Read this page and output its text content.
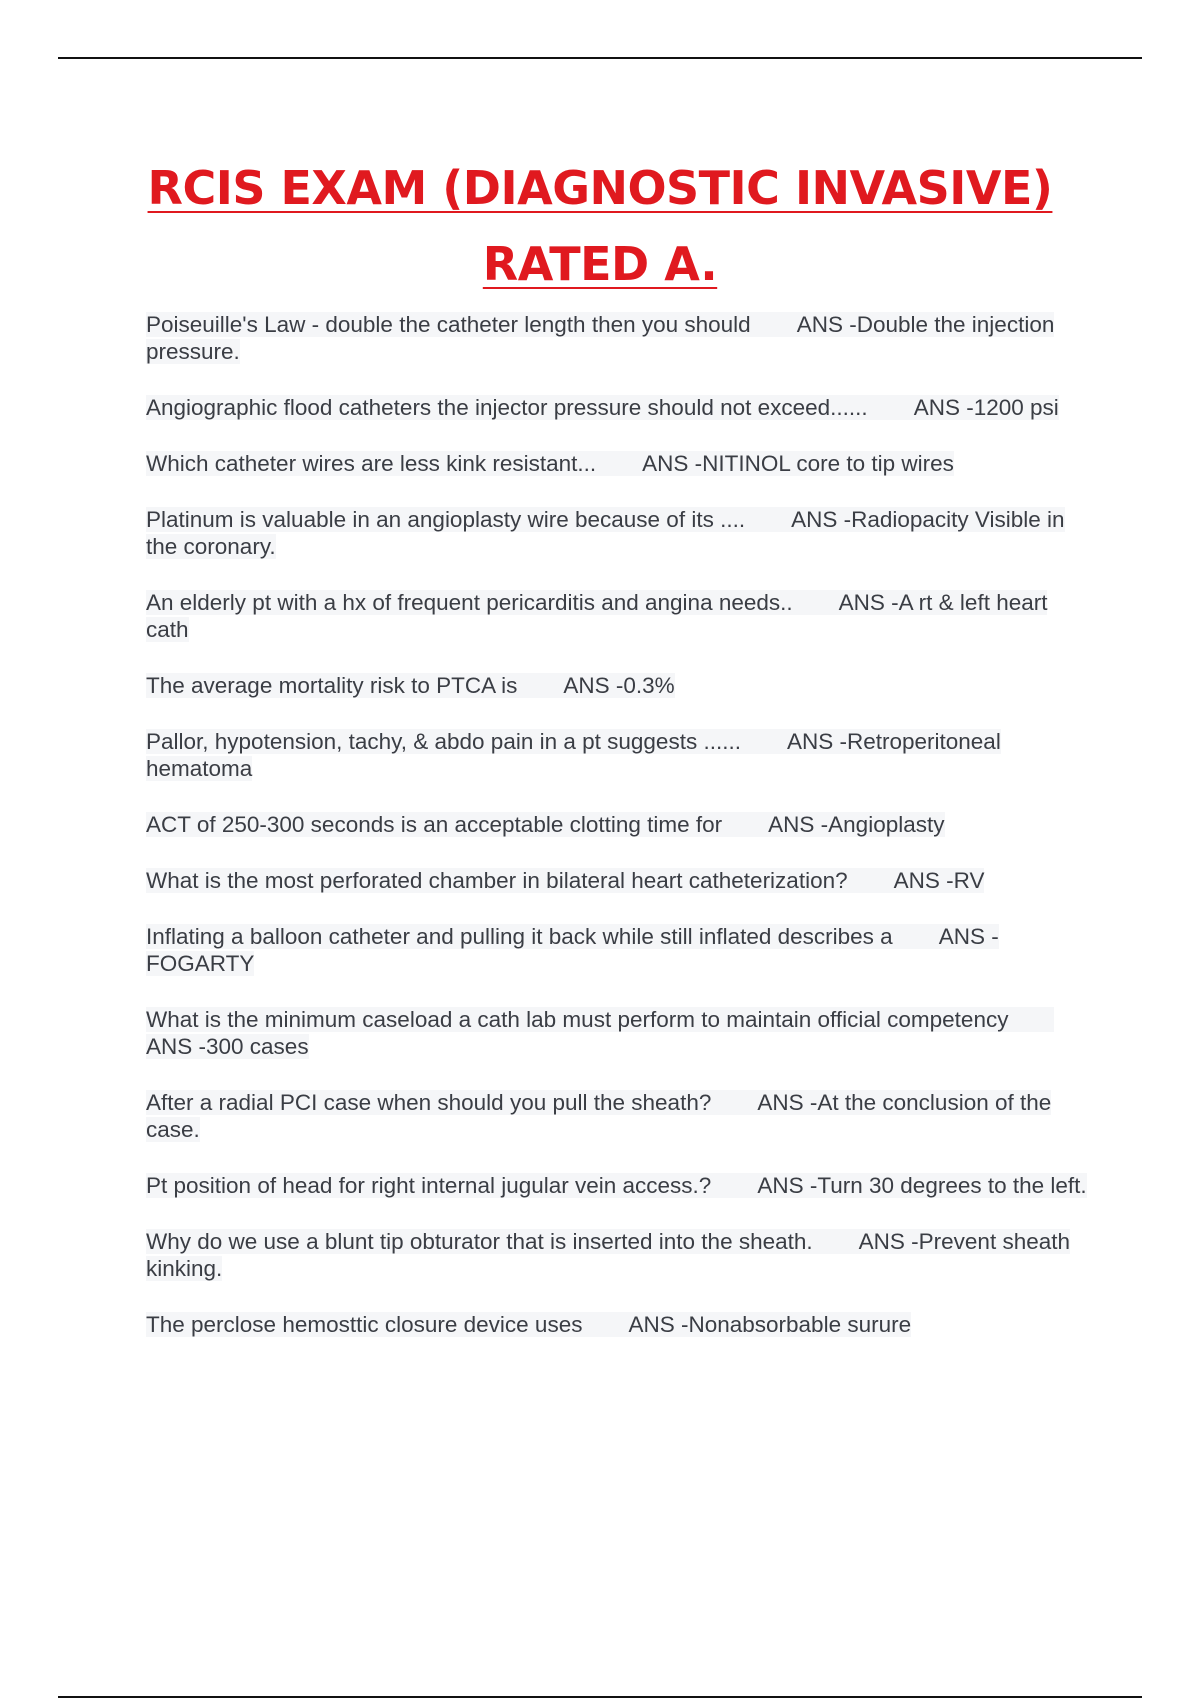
RCIS EXAM (DIAGNOSTIC INVASIVE)
RATED A.
Poiseuille's Law - double the catheter length then you should ANS -Double the injection pressure.
Angiographic flood catheters the injector pressure should not exceed...... ANS -1200 psi
Which catheter wires are less kink resistant... ANS -NITINOL core to tip wires
Platinum is valuable in an angioplasty wire because of its .... ANS -Radiopacity Visible in the coronary.
An elderly pt with a hx of frequent pericarditis and angina needs.. ANS -A rt & left heart cath
The average mortality risk to PTCA is ANS -0.3%
Pallor, hypotension, tachy, & abdo pain in a pt suggests ...... ANS -Retroperitoneal hematoma
ACT of 250-300 seconds is an acceptable clotting time for ANS -Angioplasty
What is the most perforated chamber in bilateral heart catheterization? ANS -RV
Inflating a balloon catheter and pulling it back while still inflated describes a ANS -FOGARTY
What is the minimum caseload a cath lab must perform to maintain official competencyANS -300 cases
After a radial PCI case when should you pull the sheath? ANS -At the conclusion of the case.
Pt position of head for right internal jugular vein access.? ANS -Turn 30 degrees to the left.
Why do we use a blunt tip obturator that is inserted into the sheath. ANS -Prevent sheath kinking.
The perclose hemosttic closure device uses ANS -Nonabsorbable surure
